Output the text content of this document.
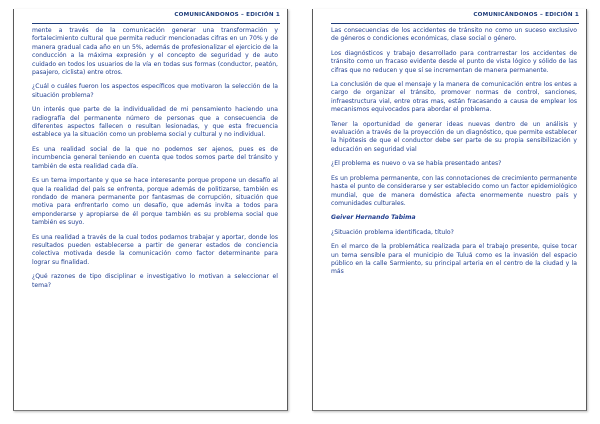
COMUNICÁNDONOS – EDICIÓN 1

mente a través de la comunicación generar una transformación y fortalecimiento cultural que permita reducir mencionadas cifras en un 70% y de manera gradual cada año en un 5%, además de profesionalizar el ejercicio de la conducción a la máxima expresión y el concepto de seguridad y de auto cuidado en todos los usuarios de la vía en todas sus formas (conductor, peatón, pasajero, ciclista) entre otros.

¿Cuál o cuáles fueron los aspectos específicos que motivaron la selección de la situación problema?

Un interés que parte de la individualidad de mi pensamiento haciendo una radiografía del permanente número de personas que a consecuencia de diferentes aspectos fallecen o resultan lesionadas, y que esta frecuencia establece ya la situación como un problema social y cultural y no individual.

Es una realidad social de la que no podemos ser ajenos, pues es de incumbencia general teniendo en cuenta que todos somos parte del tránsito y también de esta realidad cada día.

Es un tema importante y que se hace interesante porque propone un desafío al que la realidad del país se enfrenta, porque además de politizarse, también es rondado de manera permanente por fantasmas de corrupción, situación que motiva para enfrentarlo como un desafío, que además invita a todos para emponderarse y apropiarse de él porque también es su problema social que también es suyo.

Es una realidad a través de la cual todos podamos trabajar y aportar, donde los resultados pueden establecerse a partir de generar estados de conciencia colectiva motivada desde la comunicación como factor determinante para lograr su finalidad.

¿Qué razones de tipo disciplinar e investigativo lo motivan a seleccionar el tema?

COMUNICÁNDONOS – EDICIÓN 1

Las consecuencias de los accidentes de tránsito no como un suceso exclusivo de géneros o condiciones económicas, clase social o género.

Los diagnósticos y trabajo desarrollado para contrarrestar los accidentes de tránsito como un fracaso evidente desde el punto de vista lógico y sólido de las cifras que no reducen y que sí se incrementan de manera permanente.

La conclusión de que el mensaje y la manera de comunicación entre los entes a cargo de organizar el tránsito, promover normas de control, sanciones, infraestructura vial, entre otras mas, están fracasando a causa de emplear los mecanismos equivocados para abordar el problema.

Tener la oportunidad de generar ideas nuevas dentro de un análisis y evaluación a través de la proyección de un diagnóstico, que permite establecer la hipótesis de que el conductor debe ser parte de su propia sensibilización y educación en seguridad vial

¿El problema es nuevo o va se había presentado antes?

Es un problema permanente, con las connotaciones de crecimiento permanente hasta el punto de considerarse y ser establecido como un factor epidemiológico mundial, que de manera doméstica afecta enormemente nuestro país y comunidades culturales.

Geiver Hernando Tabima

¿Situación problema identificada, título?

En el marco de la problemática realizada para el trabajo presente, quise tocar un tema sensible para el municipio de Tuluá como es la invasión del espacio público en la calle Sarmiento, su principal arteria en el centro de la ciudad y la más
